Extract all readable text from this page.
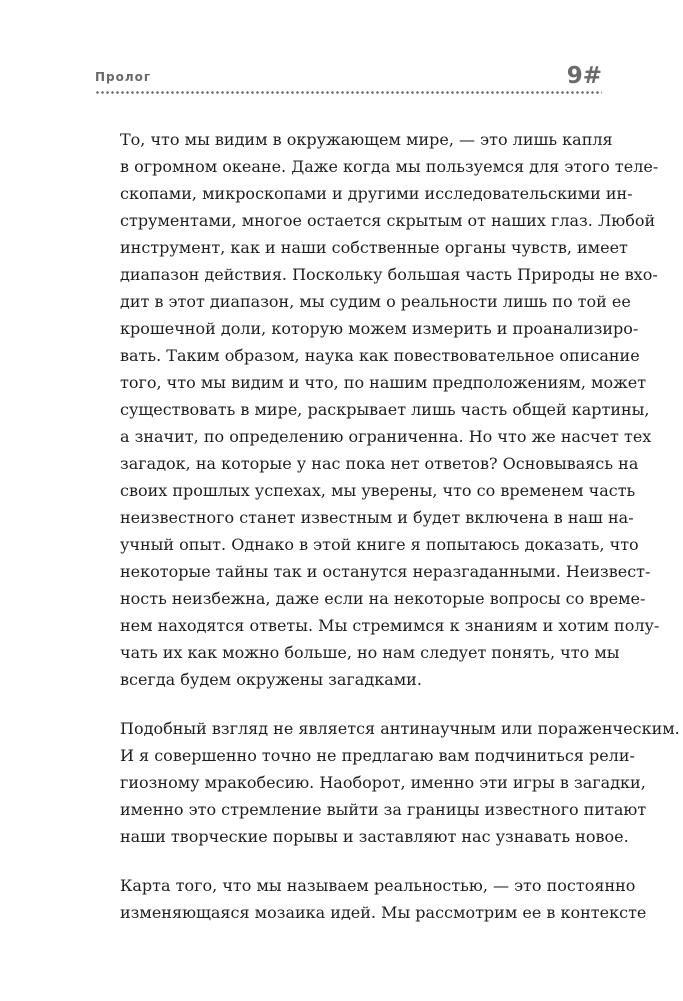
Пролог	9#

То, что мы видим в окружающем мире, — это лишь капля
в огромном океане. Даже когда мы пользуемся для этого теле-
скопами, микроскопами и другими исследовательскими ин-
струментами, многое остается скрытым от наших глаз. Любой
инструмент, как и наши собственные органы чувств, имеет
диапазон действия. Поскольку большая часть Природы не вхо-
дит в этот диапазон, мы судим о реальности лишь по той ее
крошечной доли, которую можем измерить и проанализиро-
вать. Таким образом, наука как повествовательное описание
того, что мы видим и что, по нашим предположениям, может
существовать в мире, раскрывает лишь часть общей картины,
а значит, по определению ограниченна. Но что же насчет тех
загадок, на которые у нас пока нет ответов? Основываясь на
своих прошлых успехах, мы уверены, что со временем часть
неизвестного станет известным и будет включена в наш на-
учный опыт. Однако в этой книге я попытаюсь доказать, что
некоторые тайны так и останутся неразгаданными. Неизвест-
ность неизбежна, даже если на некоторые вопросы со време-
нем находятся ответы. Мы стремимся к знаниям и хотим полу-
чать их как можно больше, но нам следует понять, что мы
всегда будем окружены загадками.

Подобный взгляд не является антинаучным или пораженческим.
И я совершенно точно не предлагаю вам подчиниться рели-
гиозному мракобесию. Наоборот, именно эти игры в загадки,
именно это стремление выйти за границы известного питают
наши творческие порывы и заставляют нас узнавать новое.

Карта того, что мы называем реальностью, — это постоянно
изменяющаяся мозаика идей. Мы рассмотрим ее в контексте
